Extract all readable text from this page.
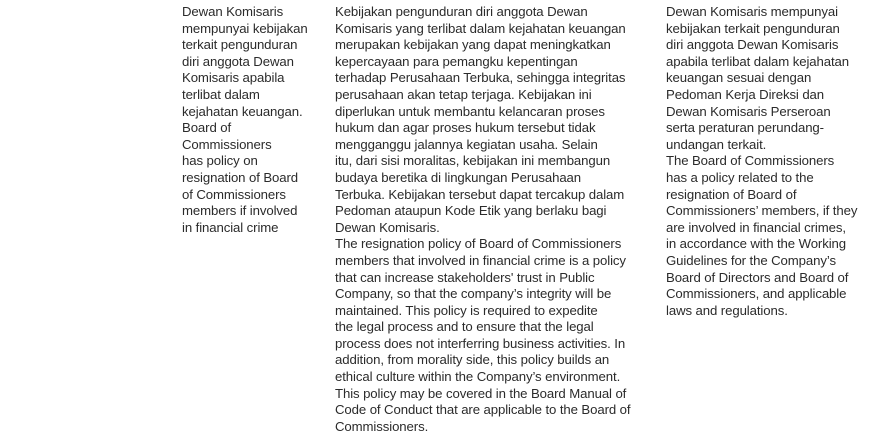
Dewan Komisaris
mempunyai kebijakan
terkait pengunduran
diri anggota Dewan
Komisaris apabila
terlibat dalam
kejahatan keuangan.

Board of
Commissioners
has policy on
resignation of Board
of Commissioners
members if involved
in financial crime

Kebijakan pengunduran diri anggota Dewan
Komisaris yang terlibat dalam kejahatan keuangan
merupakan kebijakan yang dapat meningkatkan
kepercayaan para pemangku kepentingan
terhadap Perusahaan Terbuka, sehingga integritas
perusahaan akan tetap terjaga. Kebijakan ini
diperlukan untuk membantu kelancaran proses
hukum dan agar proses hukum tersebut tidak
mengganggu jalannya kegiatan usaha. Selain
itu, dari sisi moralitas, kebijakan ini membangun
budaya beretika di lingkungan Perusahaan
Terbuka. Kebijakan tersebut dapat tercakup dalam
Pedoman ataupun Kode Etik yang berlaku bagi
Dewan Komisaris.

The resignation policy of Board of Commissioners
members that involved in financial crime is a policy
that can increase stakeholders' trust in Public
Company, so that the company’s integrity will be
maintained. This policy is required to expedite
the legal process and to ensure that the legal
process does not interferring business activities. In
addition, from morality side, this policy builds an
ethical culture within the Company’s environment.
This policy may be covered in the Board Manual of
Code of Conduct that are applicable to the Board of
Commissioners.

Dewan Komisaris mempunyai
kebijakan terkait pengunduran
diri anggota Dewan Komisaris
apabila terlibat dalam kejahatan
keuangan sesuai dengan
Pedoman Kerja Direksi dan
Dewan Komisaris Perseroan
serta peraturan perundang-
undangan terkait.

The Board of Commissioners
has a policy related to the
resignation of Board of
Commissioners’ members, if they
are involved in financial crimes,
in accordance with the Working
Guidelines for the Company’s
Board of Directors and Board of
Commissioners, and applicable
laws and regulations.
